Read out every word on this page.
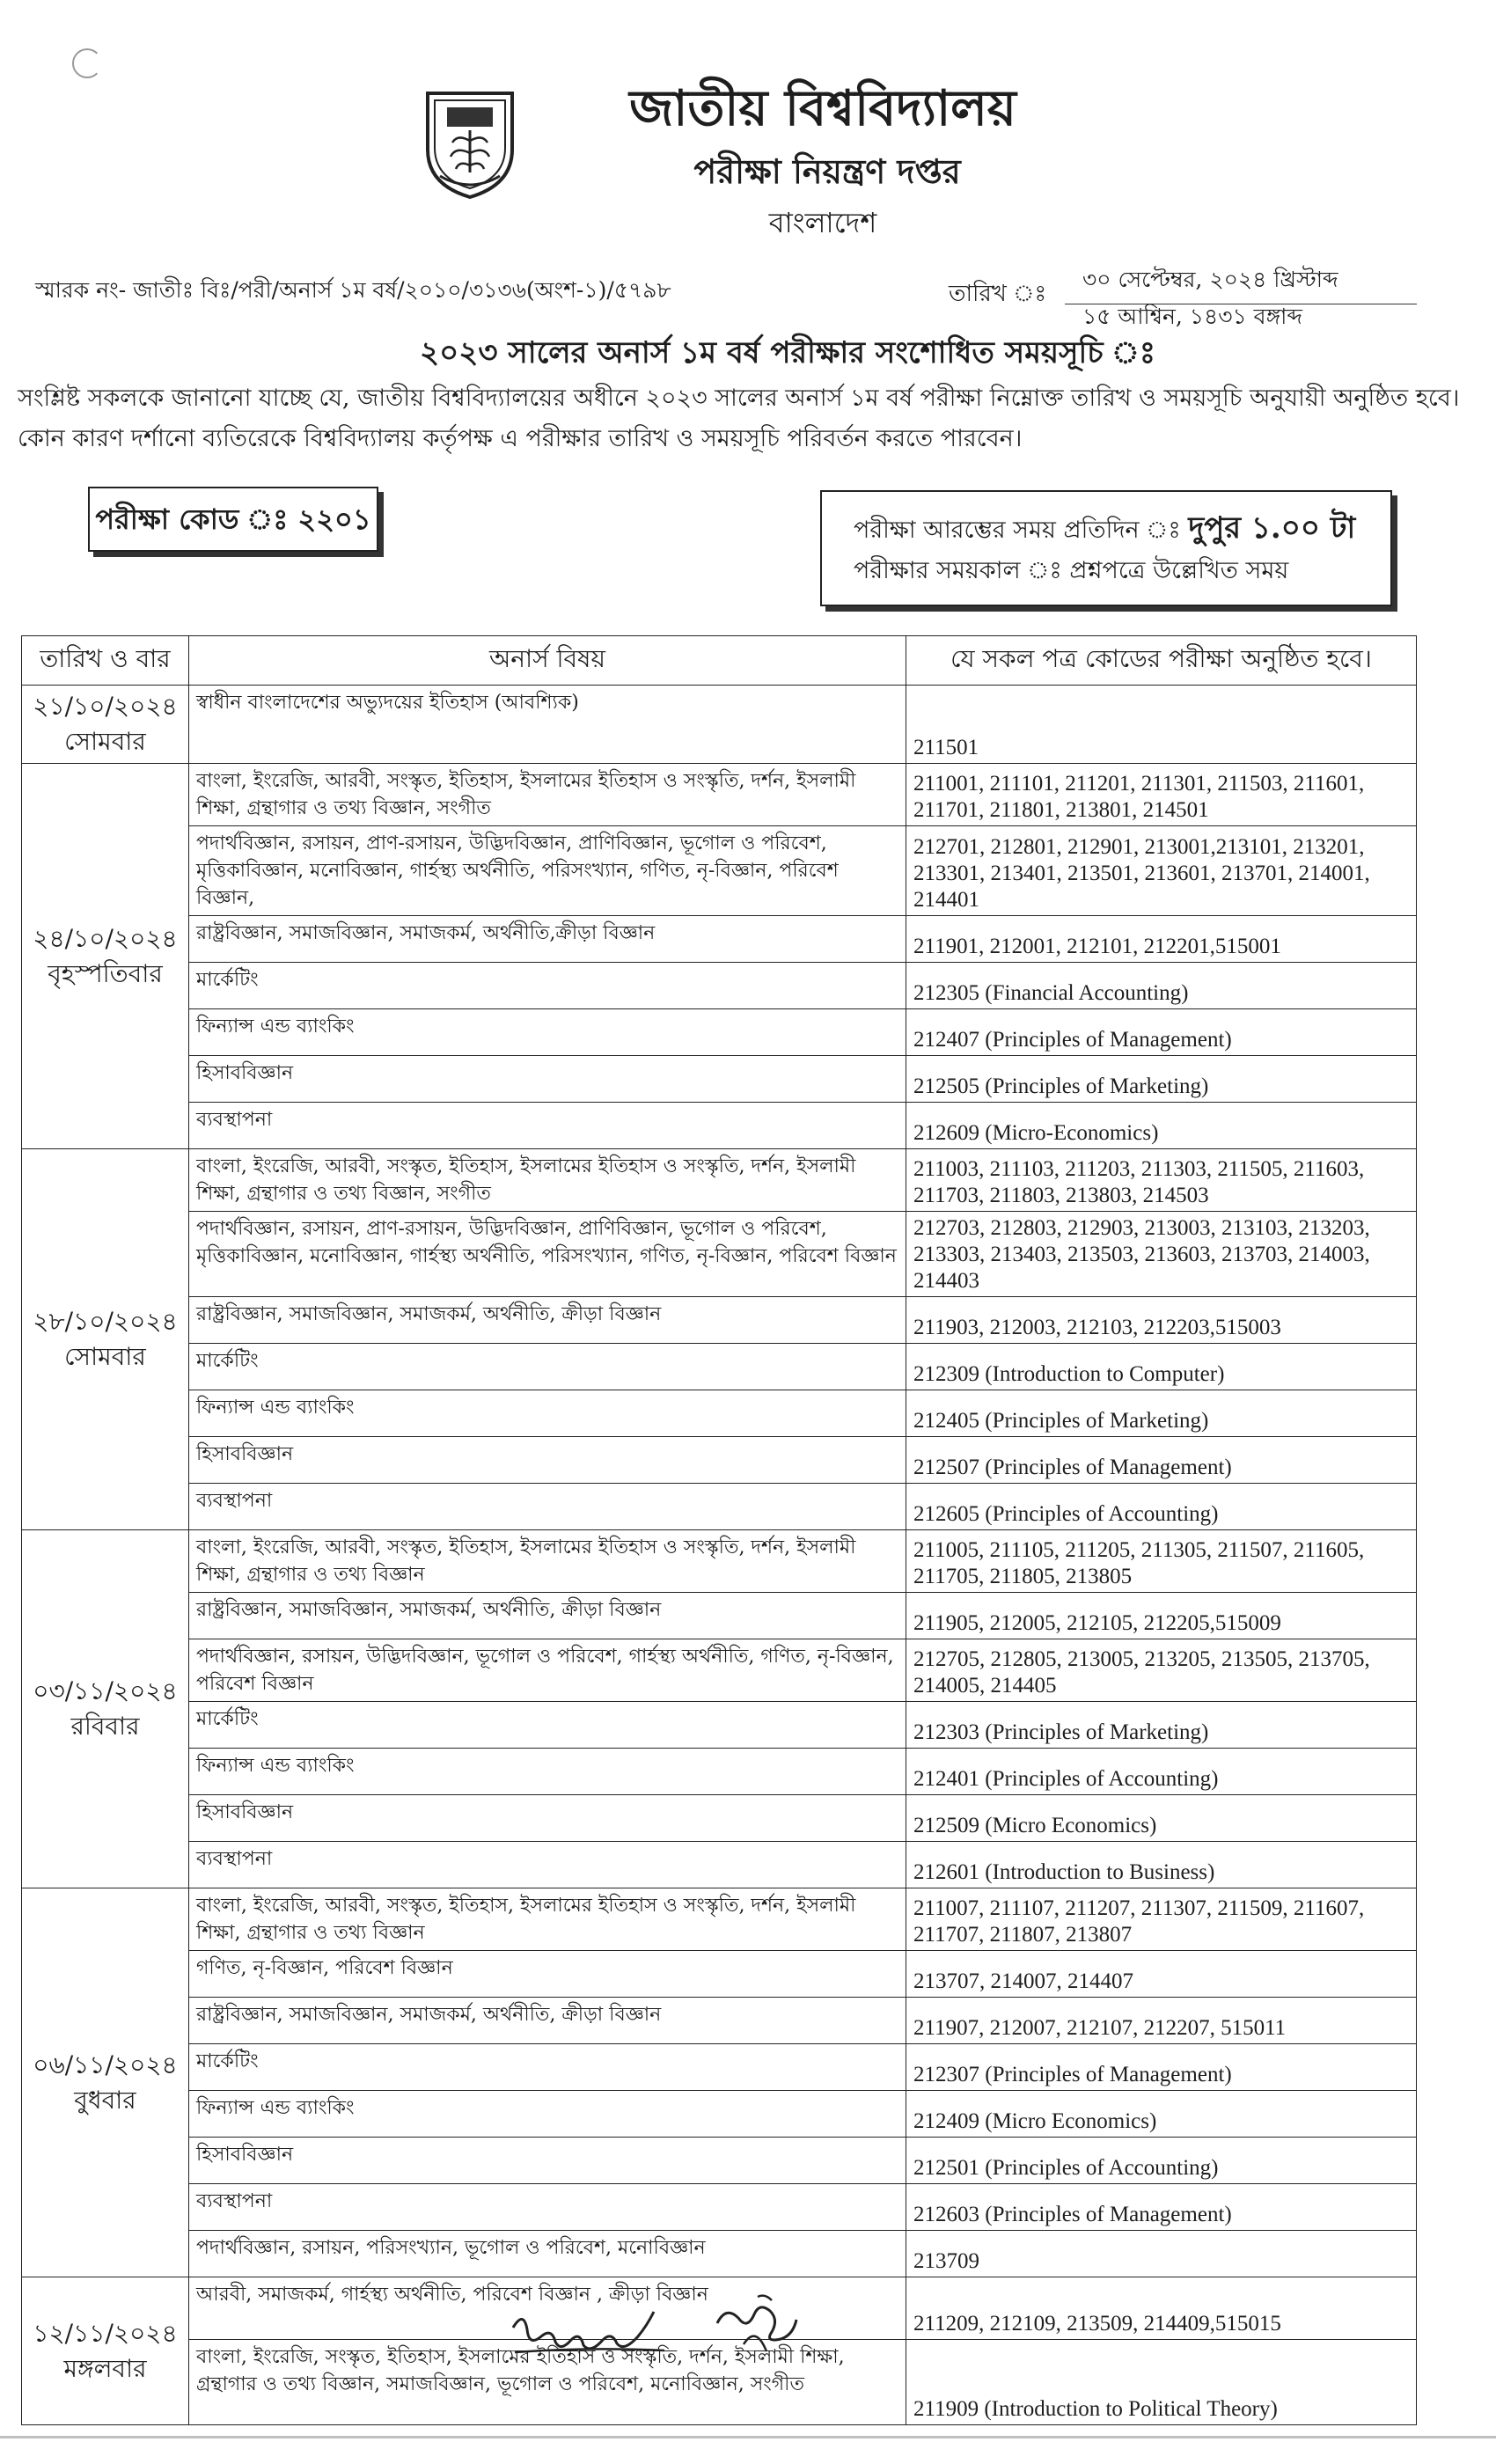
জাতীয় বিশ্ববিদ্যালয়
পরীক্ষা নিয়ন্ত্রণ দপ্তর
বাংলাদেশ
স্মারক নং- জাতীঃ বিঃ/পরী/অনার্স ১ম বর্ষ/২০১০/৩১৩৬(অংশ-১)/৫৭৯৮	তারিখ ঃ
৩০ সেপ্টেম্বর, ২০২৪ খ্রিস্টাব্দ
১৫ আশ্বিন, ১৪৩১ বঙ্গাব্দ
২০২৩ সালের অনার্স ১ম বর্ষ পরীক্ষার সংশোধিত সময়সূচি ঃ
সংশ্লিষ্ট সকলকে জানানো যাচ্ছে যে, জাতীয় বিশ্ববিদ্যালয়ের অধীনে ২০২৩ সালের অনার্স ১ম বর্ষ পরীক্ষা নিম্নোক্ত তারিখ ও সময়সূচি অনুযায়ী অনুষ্ঠিত হবে। কোন কারণ দর্শানো ব্যতিরেকে বিশ্ববিদ্যালয় কর্তৃপক্ষ এ পরীক্ষার তারিখ ও সময়সূচি পরিবর্তন করতে পারবেন।
পরীক্ষা কোড ঃ ২২০১	পরীক্ষা আরম্ভের সময় প্রতিদিন ঃ দুপুর ১.০০ টা
পরীক্ষার সময়কাল ঃ প্রশ্নপত্রে উল্লেখিত সময়
তারিখ ও বার	অনার্স বিষয়	যে সকল পত্র কোডের পরীক্ষা অনুষ্ঠিত হবে।

২১/১০/২০২৪
সোমবার	স্বাধীন বাংলাদেশের অভ্যুদয়ের ইতিহাস (আবশ্যিক)	211501

২৪/১০/২০২৪
বৃহস্পতিবার	বাংলা, ইংরেজি, আরবী, সংস্কৃত, ইতিহাস, ইসলামের ইতিহাস ও সংস্কৃতি, দর্শন, ইসলামী শিক্ষা, গ্রন্থাগার ও তথ্য বিজ্ঞান, সংগীত	211001, 211101, 211201, 211301, 211503, 211601, 211701, 211801, 213801, 214501
	পদার্থবিজ্ঞান, রসায়ন, প্রাণ-রসায়ন, উদ্ভিদবিজ্ঞান, প্রাণিবিজ্ঞান, ভূগোল ও পরিবেশ, মৃত্তিকাবিজ্ঞান, মনোবিজ্ঞান, গার্হস্থ্য অর্থনীতি, পরিসংখ্যান, গণিত, নৃ-বিজ্ঞান, পরিবেশ বিজ্ঞান,	212701, 212801, 212901, 213001,213101, 213201, 213301, 213401, 213501, 213601, 213701, 214001, 214401
	রাষ্ট্রবিজ্ঞান, সমাজবিজ্ঞান, সমাজকর্ম, অর্থনীতি,ক্রীড়া বিজ্ঞান	211901, 212001, 212101, 212201,515001
	মার্কেটিং	212305 (Financial Accounting)
	ফিন্যান্স এন্ড ব্যাংকিং	212407 (Principles of Management)
	হিসাববিজ্ঞান	212505 (Principles of Marketing)
	ব্যবস্থাপনা	212609 (Micro-Economics)

২৮/১০/২০২৪
সোমবার	বাংলা, ইংরেজি, আরবী, সংস্কৃত, ইতিহাস, ইসলামের ইতিহাস ও সংস্কৃতি, দর্শন, ইসলামী শিক্ষা, গ্রন্থাগার ও তথ্য বিজ্ঞান, সংগীত	211003, 211103, 211203, 211303, 211505, 211603, 211703, 211803, 213803, 214503
	পদার্থবিজ্ঞান, রসায়ন, প্রাণ-রসায়ন, উদ্ভিদবিজ্ঞান, প্রাণিবিজ্ঞান, ভূগোল ও পরিবেশ, মৃত্তিকাবিজ্ঞান, মনোবিজ্ঞান, গার্হস্থ্য অর্থনীতি, পরিসংখ্যান, গণিত, নৃ-বিজ্ঞান, পরিবেশ বিজ্ঞান	212703, 212803, 212903, 213003, 213103, 213203, 213303, 213403, 213503, 213603, 213703, 214003, 214403
	রাষ্ট্রবিজ্ঞান, সমাজবিজ্ঞান, সমাজকর্ম, অর্থনীতি, ক্রীড়া বিজ্ঞান	211903, 212003, 212103, 212203,515003
	মার্কেটিং	212309 (Introduction to Computer)
	ফিন্যান্স এন্ড ব্যাংকিং	212405 (Principles of Marketing)
	হিসাববিজ্ঞান	212507 (Principles of Management)
	ব্যবস্থাপনা	212605 (Principles of Accounting)

০৩/১১/২০২৪
রবিবার	বাংলা, ইংরেজি, আরবী, সংস্কৃত, ইতিহাস, ইসলামের ইতিহাস ও সংস্কৃতি, দর্শন, ইসলামী শিক্ষা, গ্রন্থাগার ও তথ্য বিজ্ঞান	211005, 211105, 211205, 211305, 211507, 211605, 211705, 211805, 213805
	রাষ্ট্রবিজ্ঞান, সমাজবিজ্ঞান, সমাজকর্ম, অর্থনীতি, ক্রীড়া বিজ্ঞান	211905, 212005, 212105, 212205,515009
	পদার্থবিজ্ঞান, রসায়ন, উদ্ভিদবিজ্ঞান, ভূগোল ও পরিবেশ, গার্হস্থ্য অর্থনীতি, গণিত, নৃ-বিজ্ঞান, পরিবেশ বিজ্ঞান	212705, 212805, 213005, 213205, 213505, 213705, 214005, 214405
	মার্কেটিং	212303 (Principles of Marketing)
	ফিন্যান্স এন্ড ব্যাংকিং	212401 (Principles of Accounting)
	হিসাববিজ্ঞান	212509 (Micro Economics)
	ব্যবস্থাপনা	212601 (Introduction to Business)

০৬/১১/২০২৪
বুধবার	বাংলা, ইংরেজি, আরবী, সংস্কৃত, ইতিহাস, ইসলামের ইতিহাস ও সংস্কৃতি, দর্শন, ইসলামী শিক্ষা, গ্রন্থাগার ও তথ্য বিজ্ঞান	211007, 211107, 211207, 211307, 211509, 211607, 211707, 211807, 213807
	গণিত, নৃ-বিজ্ঞান, পরিবেশ বিজ্ঞান	213707, 214007, 214407
	রাষ্ট্রবিজ্ঞান, সমাজবিজ্ঞান, সমাজকর্ম, অর্থনীতি, ক্রীড়া বিজ্ঞান	211907, 212007, 212107, 212207, 515011
	মার্কেটিং	212307 (Principles of Management)
	ফিন্যান্স এন্ড ব্যাংকিং	212409 (Micro Economics)
	হিসাববিজ্ঞান	212501 (Principles of Accounting)
	ব্যবস্থাপনা	212603 (Principles of Management)
	পদার্থবিজ্ঞান, রসায়ন, পরিসংখ্যান, ভূগোল ও পরিবেশ, মনোবিজ্ঞান	213709

১২/১১/২০২৪
মঙ্গলবার	আরবী, সমাজকর্ম, গার্হস্থ্য অর্থনীতি, পরিবেশ বিজ্ঞান , ক্রীড়া বিজ্ঞান	211209, 212109, 213509, 214409,515015
	বাংলা, ইংরেজি, সংস্কৃত, ইতিহাস, ইসলামের ইতিহাস ও সংস্কৃতি, দর্শন, ইসলামী শিক্ষা, গ্রন্থাগার ও তথ্য বিজ্ঞান, সমাজবিজ্ঞান, ভূগোল ও পরিবেশ, মনোবিজ্ঞান, সংগীত	211909 (Introduction to Political Theory)
